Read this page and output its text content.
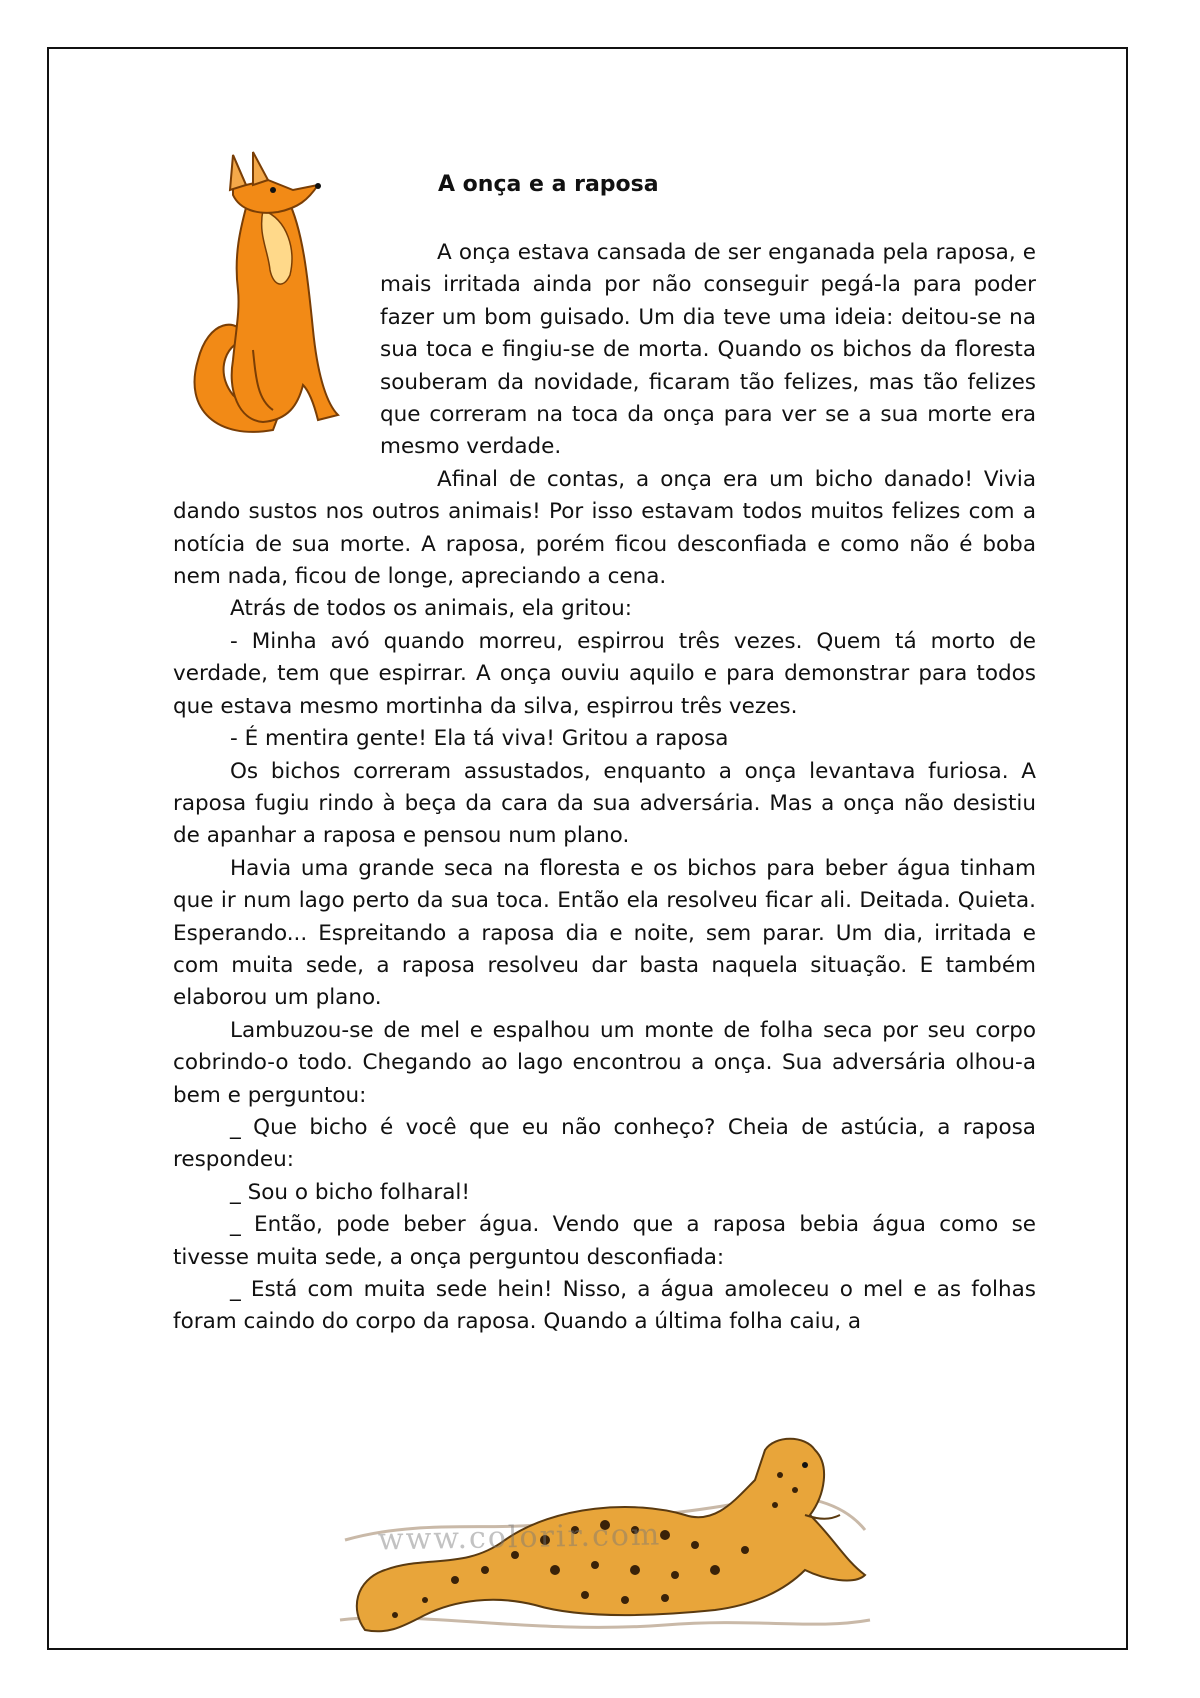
A onça e a raposa

A onça estava cansada de ser enganada pela raposa, e mais irritada ainda por não conseguir pegá-la para poder fazer um bom guisado. Um dia teve uma ideia: deitou-se na sua toca e fingiu-se de morta. Quando os bichos da floresta souberam da novidade, ficaram tão felizes, mas tão felizes que correram na toca da onça para ver se a sua morte era mesmo verdade.

Afinal de contas, a onça era um bicho danado! Vivia dando sustos nos outros animais! Por isso estavam todos muitos felizes com a notícia de sua morte. A raposa, porém ficou desconfiada e como não é boba nem nada, ficou de longe, apreciando a cena.

Atrás de todos os animais, ela gritou:

- Minha avó quando morreu, espirrou três vezes. Quem tá morto de verdade, tem que espirrar. A onça ouviu aquilo e para demonstrar para todos que estava mesmo mortinha da silva, espirrou três vezes.

- É mentira gente! Ela tá viva! Gritou a raposa

Os bichos correram assustados, enquanto a onça levantava furiosa. A raposa fugiu rindo à beça da cara da sua adversária. Mas a onça não desistiu de apanhar a raposa e pensou num plano.

Havia uma grande seca na floresta e os bichos para beber água tinham que ir num lago perto da sua toca. Então ela resolveu ficar ali. Deitada. Quieta. Esperando... Espreitando a raposa dia e noite, sem parar. Um dia, irritada e com muita sede, a raposa resolveu dar basta naquela situação. E também elaborou um plano.

Lambuzou-se de mel e espalhou um monte de folha seca por seu corpo cobrindo-o todo. Chegando ao lago encontrou a onça. Sua adversária olhou-a bem e perguntou:

_ Que bicho é você que eu não conheço? Cheia de astúcia, a raposa respondeu:

_ Sou o bicho folharal!

_ Então, pode beber água. Vendo que a raposa bebia água como se tivesse muita sede, a onça perguntou desconfiada:

_ Está com muita sede hein! Nisso, a água amoleceu o mel e as folhas foram caindo do corpo da raposa. Quando a última folha caiu, a

www.colorir.com
